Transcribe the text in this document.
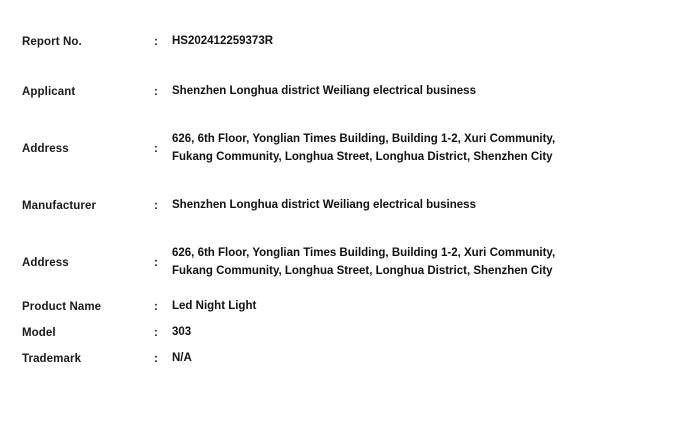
Report No.	:	HS202412259373R

Applicant	:	Shenzhen Longhua district Weiliang electrical business

Address	:	626, 6th Floor, Yonglian Times Building, Building 1-2, Xuri Community,
Fukang Community, Longhua Street, Longhua District, Shenzhen City

Manufacturer	:	Shenzhen Longhua district Weiliang electrical business

Address	:	626, 6th Floor, Yonglian Times Building, Building 1-2, Xuri Community,
Fukang Community, Longhua Street, Longhua District, Shenzhen City

Product Name	:	Led Night Light

Model	:	303

Trademark	:	N/A
